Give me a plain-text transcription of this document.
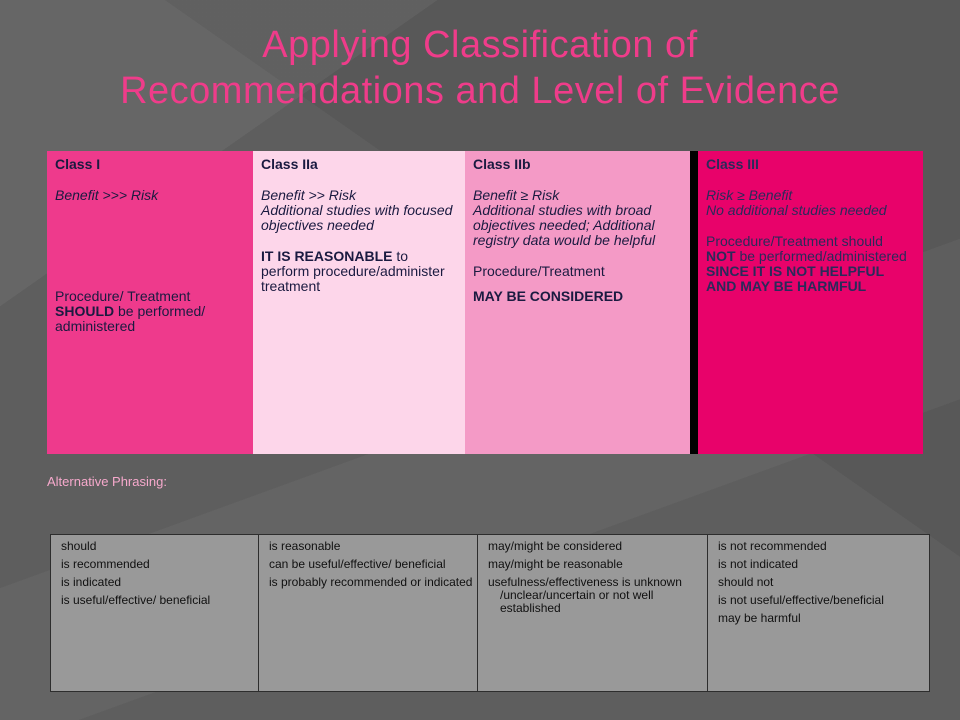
Applying Classification of
Recommendations and Level of Evidence
Class I
Benefit >>> Risk
Procedure/ Treatment SHOULD be performed/ administered
Class IIa
Benefit >> Risk
Additional studies with focused objectives needed
IT IS REASONABLE to perform procedure/administer treatment
Class IIb
Benefit ≥ Risk
Additional studies with broad objectives needed; Additional registry data would be helpful
Procedure/Treatment
MAY BE CONSIDERED
Class III
Risk ≥ Benefit
No additional studies needed
Procedure/Treatment should NOT be performed/administered
SINCE IT IS NOT HELPFUL AND MAY BE HARMFUL
Alternative Phrasing:
should
is recommended
is indicated
is useful/effective/ beneficial
is reasonable
can be useful/effective/ beneficial
is probably recommended or indicated
may/might be considered
may/might be reasonable
usefulness/effectiveness is unknown /unclear/uncertain or not well established
is not recommended
is not indicated
should not
is not useful/effective/beneficial
may be harmful
